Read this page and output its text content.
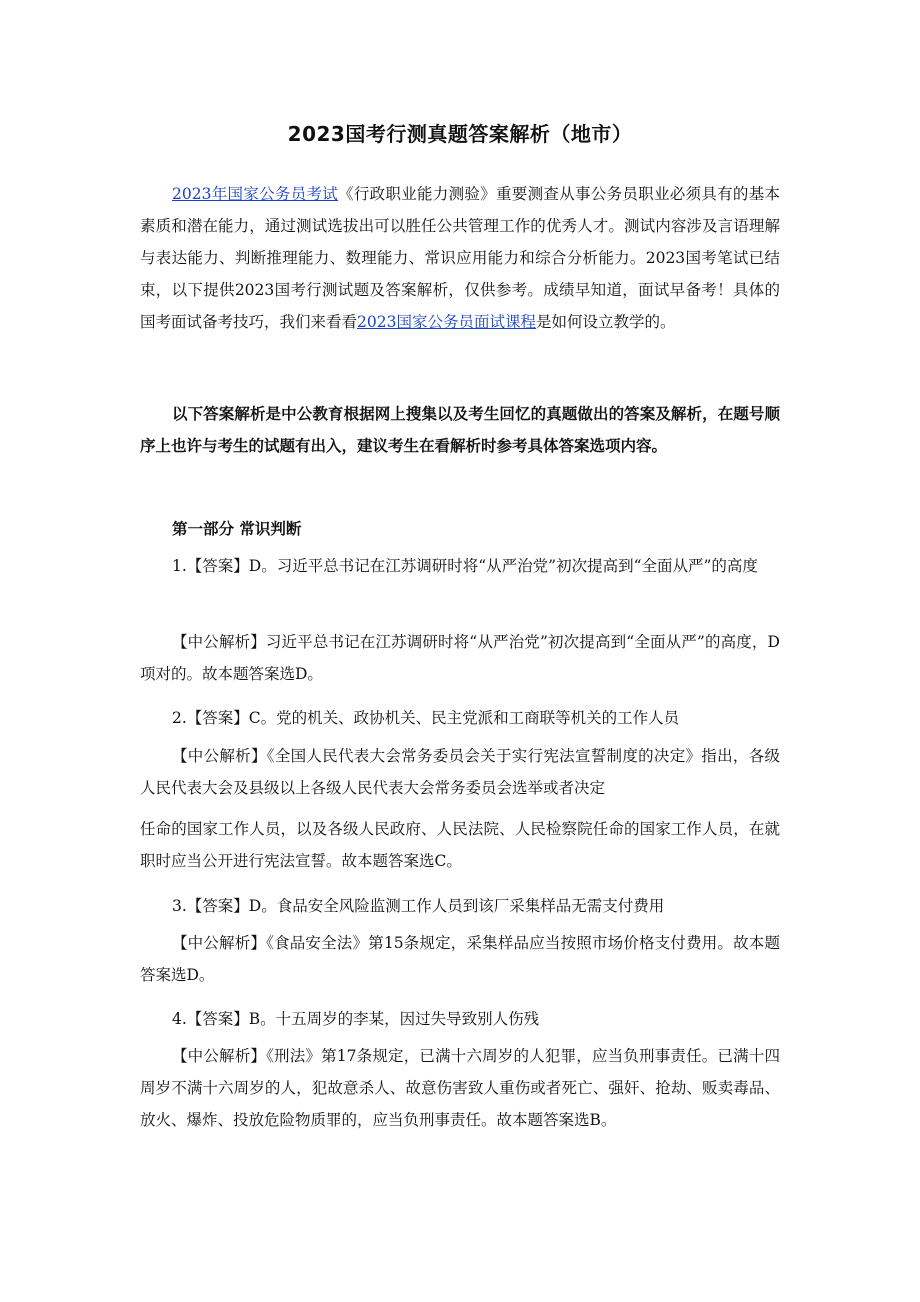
2023国考行测真题答案解析（地市）
2023年国家公务员考试《行政职业能力测验》重要测查从事公务员职业必须具有的基本素质和潜在能力，通过测试选拔出可以胜任公共管理工作的优秀人才。测试内容涉及言语理解与表达能力、判断推理能力、数理能力、常识应用能力和综合分析能力。2023国考笔试已结束，以下提供2023国考行测试题及答案解析，仅供参考。成绩早知道，面试早备考！具体的国考面试备考技巧，我们来看看2023国家公务员面试课程是如何设立教学的。
以下答案解析是中公教育根据网上搜集以及考生回忆的真题做出的答案及解析，在题号顺序上也许与考生的试题有出入，建议考生在看解析时参考具体答案选项内容。
第一部分 常识判断
1.【答案】D。习近平总书记在江苏调研时将“从严治党”初次提高到“全面从严”的高度
【中公解析】习近平总书记在江苏调研时将“从严治党”初次提高到“全面从严”的高度，D项对的。故本题答案选D。
2.【答案】C。党的机关、政协机关、民主党派和工商联等机关的工作人员
【中公解析】《全国人民代表大会常务委员会关于实行宪法宣誓制度的决定》指出，各级人民代表大会及县级以上各级人民代表大会常务委员会选举或者决定
任命的国家工作人员，以及各级人民政府、人民法院、人民检察院任命的国家工作人员，在就职时应当公开进行宪法宣誓。故本题答案选C。
3.【答案】D。食品安全风险监测工作人员到该厂采集样品无需支付费用
【中公解析】《食品安全法》第15条规定，采集样品应当按照市场价格支付费用。故本题答案选D。
4.【答案】B。十五周岁的李某，因过失导致别人伤残
【中公解析】《刑法》第17条规定，已满十六周岁的人犯罪，应当负刑事责任。已满十四周岁不满十六周岁的人，犯故意杀人、故意伤害致人重伤或者死亡、强奸、抢劫、贩卖毒品、放火、爆炸、投放危险物质罪的，应当负刑事责任。故本题答案选B。
